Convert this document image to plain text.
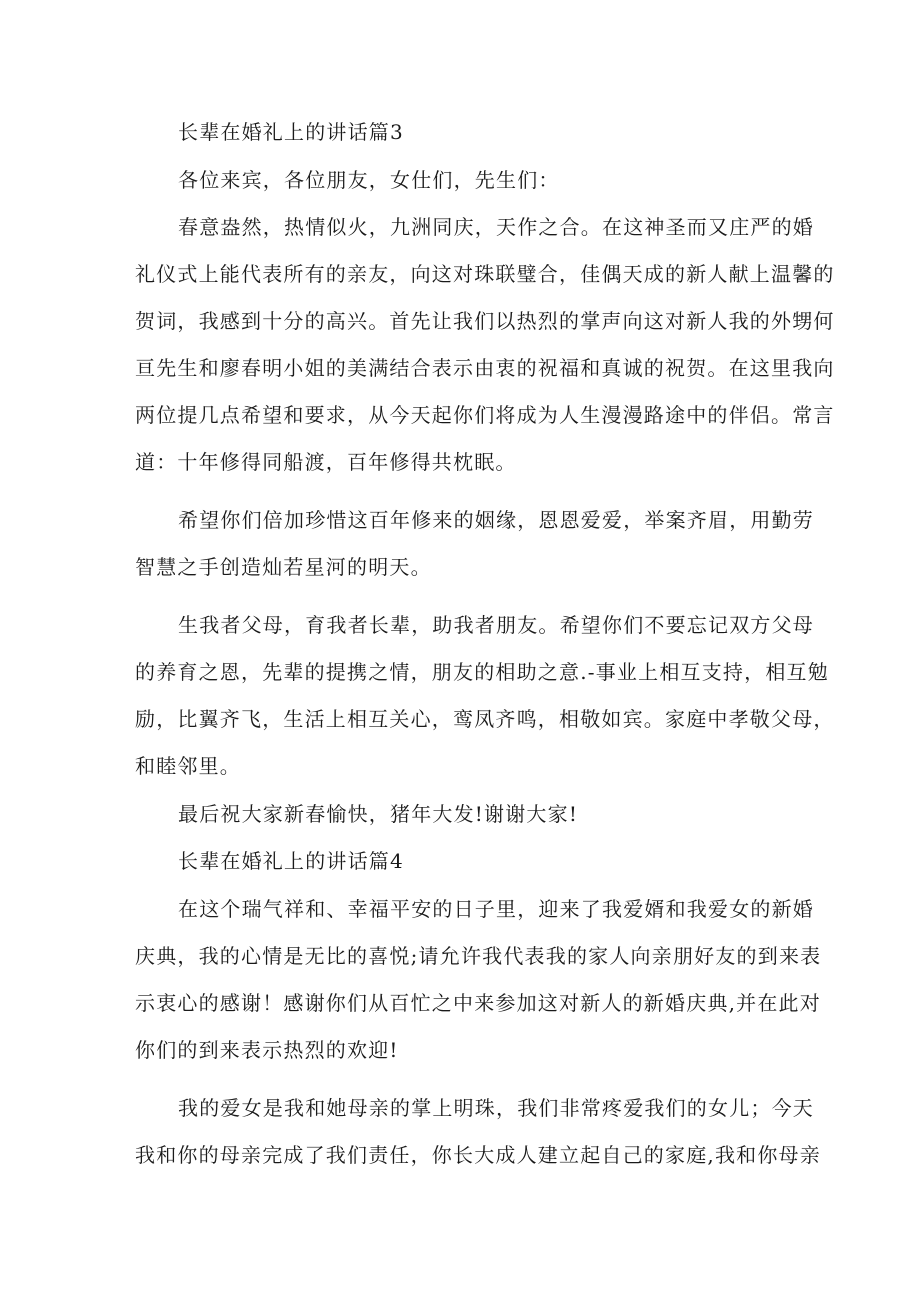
长辈在婚礼上的讲话篇3
各位来宾，各位朋友，女仕们，先生们：
春意盎然，热情似火，九洲同庆，天作之合。在这神圣而又庄严的婚
礼仪式上能代表所有的亲友，向这对珠联璧合，佳偶天成的新人献上温馨的
贺词，我感到十分的高兴。首先让我们以热烈的掌声向这对新人我的外甥何
亘先生和廖春明小姐的美满结合表示由衷的祝福和真诚的祝贺。在这里我向
两位提几点希望和要求，从今天起你们将成为人生漫漫路途中的伴侣。常言
道：十年修得同船渡，百年修得共枕眠。
希望你们倍加珍惜这百年修来的姻缘，恩恩爱爱，举案齐眉，用勤劳
智慧之手创造灿若星河的明天。
生我者父母，育我者长辈，助我者朋友。希望你们不要忘记双方父母
的养育之恩，先辈的提携之情，朋友的相助之意.-事业上相互支持，相互勉
励，比翼齐飞，生活上相互关心，鸾凤齐鸣，相敬如宾。家庭中孝敬父母，
和睦邻里。
最后祝大家新春愉快，猪年大发!谢谢大家!
长辈在婚礼上的讲话篇4
在这个瑞气祥和、幸福平安的日子里，迎来了我爱婿和我爱女的新婚
庆典，我的心情是无比的喜悦;请允许我代表我的家人向亲朋好友的到来表
示衷心的感谢！感谢你们从百忙之中来参加这对新人的新婚庆典,并在此对
你们的到来表示热烈的欢迎!
我的爱女是我和她母亲的掌上明珠，我们非常疼爱我们的女儿；今天
我和你的母亲完成了我们责任，你长大成人建立起自己的家庭,我和你母亲
